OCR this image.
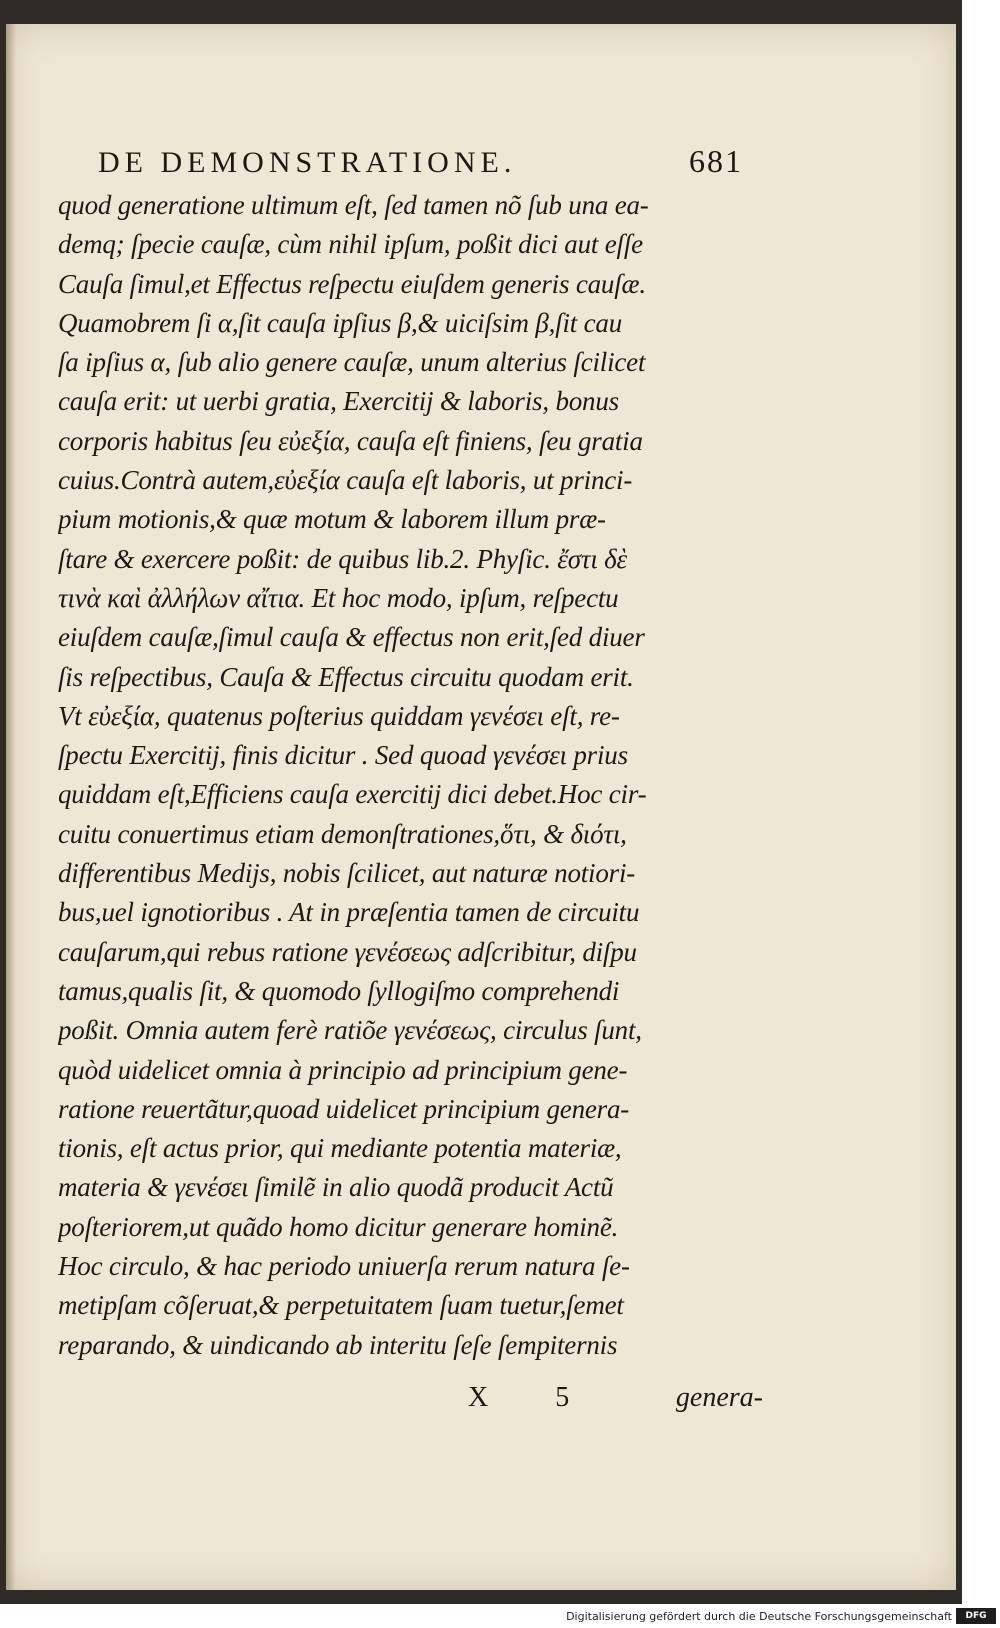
DE DEMONSTRATIONE.	681
quod generatione ultimum eſt, ſed tamen nõ ſub una ea-
demq; ſpecie cauſæ, cùm nihil ipſum, poßit dici aut eſſe
Cauſa ſimul,et Effectus reſpectu eiuſdem generis cauſæ.
Quamobrem ſi α,ſit cauſa ipſius β,& uiciſsim β,ſit cau
ſa ipſius α, ſub alio genere cauſæ, unum alterius ſcilicet
cauſa erit: ut uerbi gratia, Exercitij & laboris, bonus
corporis habitus ſeu εὐεξία, cauſa eſt finiens, ſeu gratia
cuius.Contrà autem,εὐεξία cauſa eſt laboris, ut princi-
pium motionis,& quæ motum & laborem illum præ-
ſtare & exercere poßit: de quibus lib.2. Phyſic. ἔστι δὲ
τινὰ καὶ ἀλλήλων αἴτια. Et hoc modo, ipſum, reſpectu
eiuſdem cauſæ,ſimul cauſa & effectus non erit,ſed diuer
ſis reſpectibus, Cauſa & Effectus circuitu quodam erit.
Vt εὐεξία, quatenus poſterius quiddam γενέσει eſt, re-
ſpectu Exercitij, finis dicitur . Sed quoad γενέσει prius
quiddam eſt,Efficiens cauſa exercitij dici debet.Hoc cir-
cuitu conuertimus etiam demonſtrationes,ὅτι, & διότι,
differentibus Medijs, nobis ſcilicet, aut naturæ notiori-
bus,uel ignotioribus . At in præſentia tamen de circuitu
cauſarum,qui rebus ratione γενέσεως adſcribitur, diſpu
tamus,qualis ſit, & quomodo ſyllogiſmo comprehendi
poßit. Omnia autem ferè ratiõe γενέσεως, circulus ſunt,
quòd uidelicet omnia à principio ad principium gene-
ratione reuertãtur,quoad uidelicet principium genera-
tionis, eſt actus prior, qui mediante potentia materiæ,
materia & γενέσει ſimilẽ in alio quodã producit Actũ
poſteriorem,ut quãdo homo dicitur generare hominẽ.
Hoc circulo, & hac periodo uniuerſa rerum natura ſe-
metipſam cõſeruat,& perpetuitatem ſuam tuetur,ſemet
reparando, & uindicando ab interitu ſeſe ſempiternis
X 5	genera-
Digitalisierung gefördert durch die Deutsche Forschungsgemeinschaft	DFG
